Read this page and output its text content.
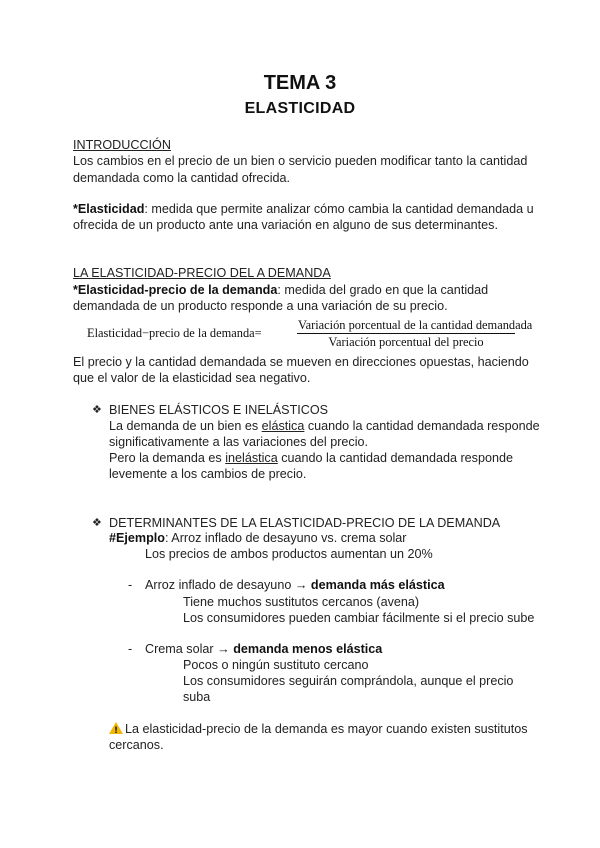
TEMA 3
ELASTICIDAD
INTRODUCCIÓN
Los cambios en el precio de un bien o servicio pueden modificar tanto la cantidad
demandada como la cantidad ofrecida.
*Elasticidad: medida que permite analizar cómo cambia la cantidad demandada u
ofrecida de un producto ante una variación en alguno de sus determinantes.
LA ELASTICIDAD-PRECIO DEL A DEMANDA
*Elasticidad-precio de la demanda: medida del grado en que la cantidad
demandada de un producto responde a una variación de su precio.
Elasticidad−precio de la demanda=
Variación porcentual de la cantidad demandada
Variación porcentual del precio
El precio y la cantidad demandada se mueven en direcciones opuestas, haciendo
que el valor de la elasticidad sea negativo.
❖ BIENES ELÁSTICOS E INELÁSTICOS
La demanda de un bien es elástica cuando la cantidad demandada responde
significativamente a las variaciones del precio.
Pero la demanda es inelástica cuando la cantidad demandada responde
levemente a los cambios de precio.
❖ DETERMINANTES DE LA ELASTICIDAD-PRECIO DE LA DEMANDA
#Ejemplo: Arroz inflado de desayuno vs. crema solar
Los precios de ambos productos aumentan un 20%
- Arroz inflado de desayuno → demanda más elástica
Tiene muchos sustitutos cercanos (avena)
Los consumidores pueden cambiar fácilmente si el precio sube
- Crema solar → demanda menos elástica
Pocos o ningún sustituto cercano
Los consumidores seguirán comprándola, aunque el precio
suba
!La elasticidad-precio de la demanda es mayor cuando existen sustitutos
cercanos.
